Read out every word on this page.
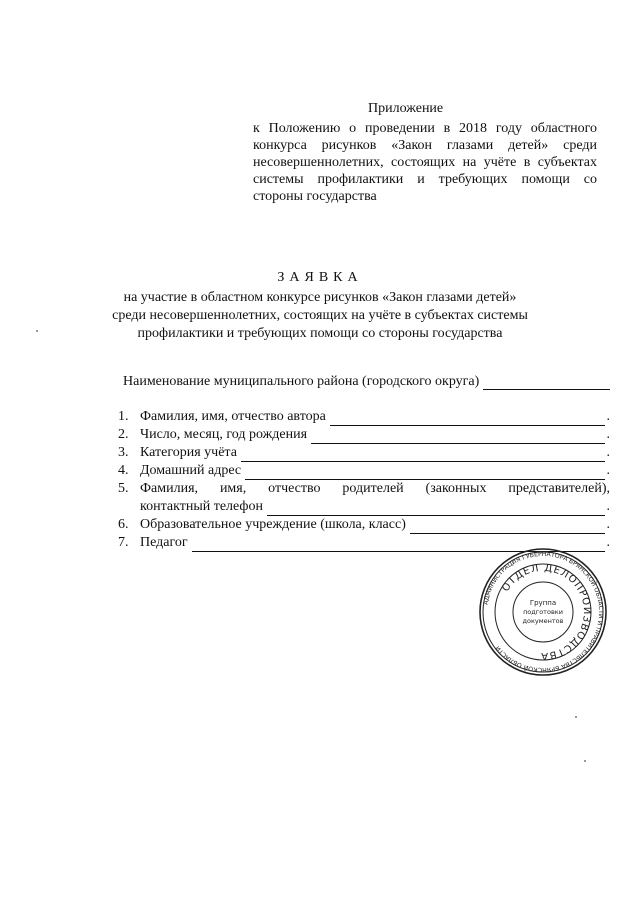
Приложение
к Положению о проведении в 2018 году областного
конкурса рисунков «Закон глазами детей» среди
несовершеннолетних, состоящих на учёте в субъектах
системы профилактики и требующих помощи со
стороны государства
ЗАЯВКА
на участие в областном конкурсе рисунков «Закон глазами детей»
среди несовершеннолетних, состоящих на учёте в субъектах системы
профилактики и требующих помощи со стороны государства
Наименование муниципального района (городского округа)
1. Фамилия, имя, отчество автора	.
2. Число, месяц, год рождения	.
3. Категория учёта	.
4. Домашний адрес	.
5. Фамилия, имя, отчество родителей (законных представителей),
контактный телефон	.
6. Образовательное учреждение (школа, класс)	.
7. Педагог	.
АДМИНИСТРАЦИЯ ГУБЕРНАТОРА БРЯНСКОЙ ОБЛАСТИ И ПРАВИТЕЛЬСТВА БРЯНСКОЙ ОБЛАСТИ
ОТДЕЛ ДЕЛОПРОИЗВОДСТВА
Группа
подготовки
документов
